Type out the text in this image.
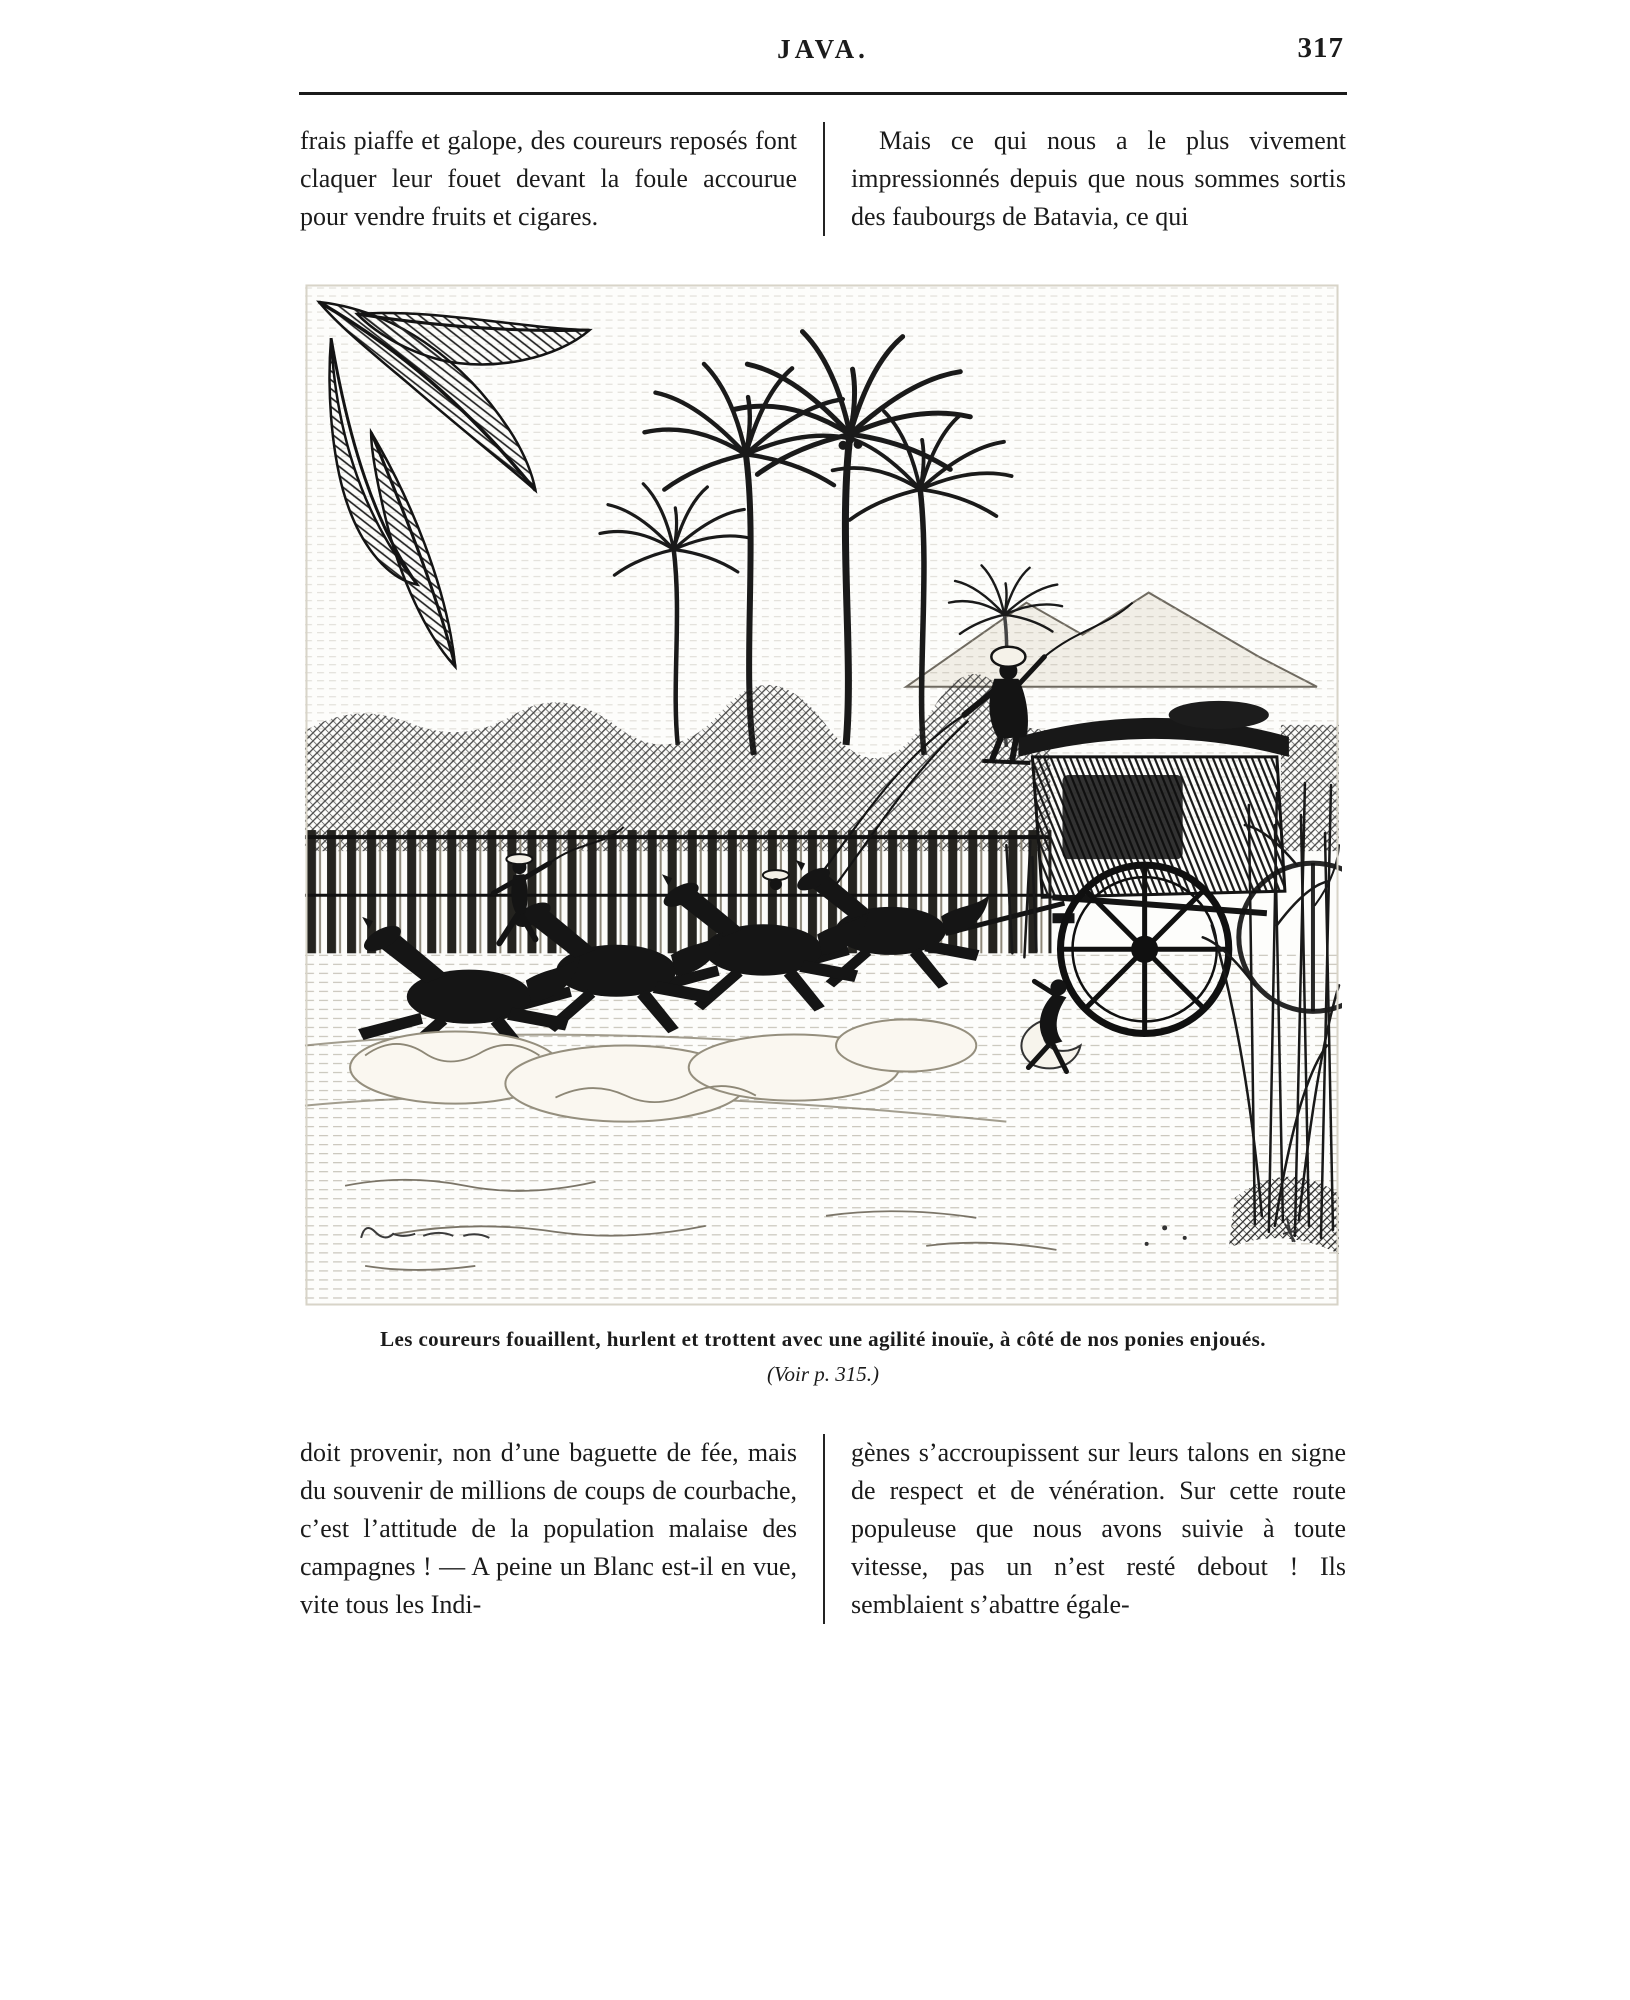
JAVA.	317
frais piaffe et galope, des coureurs reposés font claquer leur fouet devant la foule accourue pour vendre fruits et cigares.
Mais ce qui nous a le plus vivement impressionnés depuis que nous sommes sortis des faubourgs de Batavia, ce qui
Les coureurs fouaillent, hurlent et trottent avec une agilité inouïe, à côté de nos ponies enjoués.
(Voir p. 315.)
doit provenir, non d’une baguette de fée, mais du souvenir de millions de coups de courbache, c’est l’attitude de la population malaise des campagnes ! — A peine un Blanc est-il en vue, vite tous les Indi-
gènes s’accroupissent sur leurs talons en signe de respect et de vénération. Sur cette route populeuse que nous avons suivie à toute vitesse, pas un n’est resté debout ! Ils semblaient s’abattre égale-
